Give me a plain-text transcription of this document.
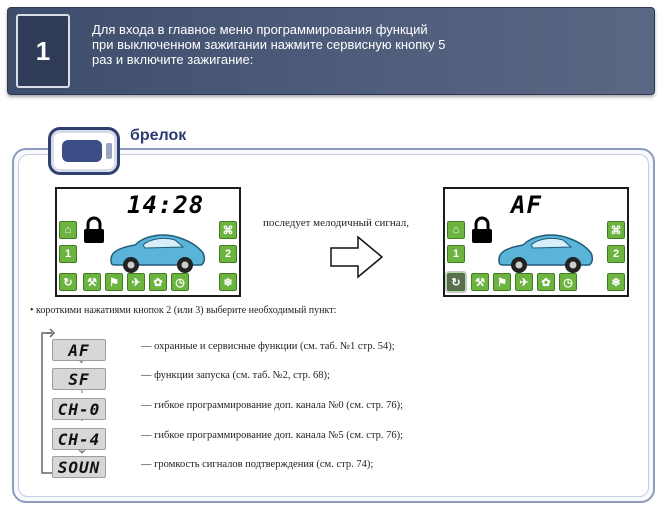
1
Для входа в главное меню программирования функций
при выключенном зажигании нажмите сервисную кнопку 5
раз и включите зажигание:
брелок
14:28
⌂
1
↻
⌘
2
❄
⚒	⚑	✈	✿	◷
последует мелодичный сигнал,
AF
⌂
1
↻
⌘
2
❄
⚒	⚑	✈	✿	◷
• короткими нажатиями кнопок 2 (или 3) выберите необходимый пункт:
AF	— охранные и сервисные функции (см. таб. №1 стр. 54);
SF	— функции запуска (см. таб. №2, стр. 68);
CH-0	— гибкое программирование доп. канала №0 (см. стр. 76);
CH-4	— гибкое программирование доп. канала №5 (см. стр. 76);
SOUN	— громкость сигналов подтверждения (см. стр. 74);
